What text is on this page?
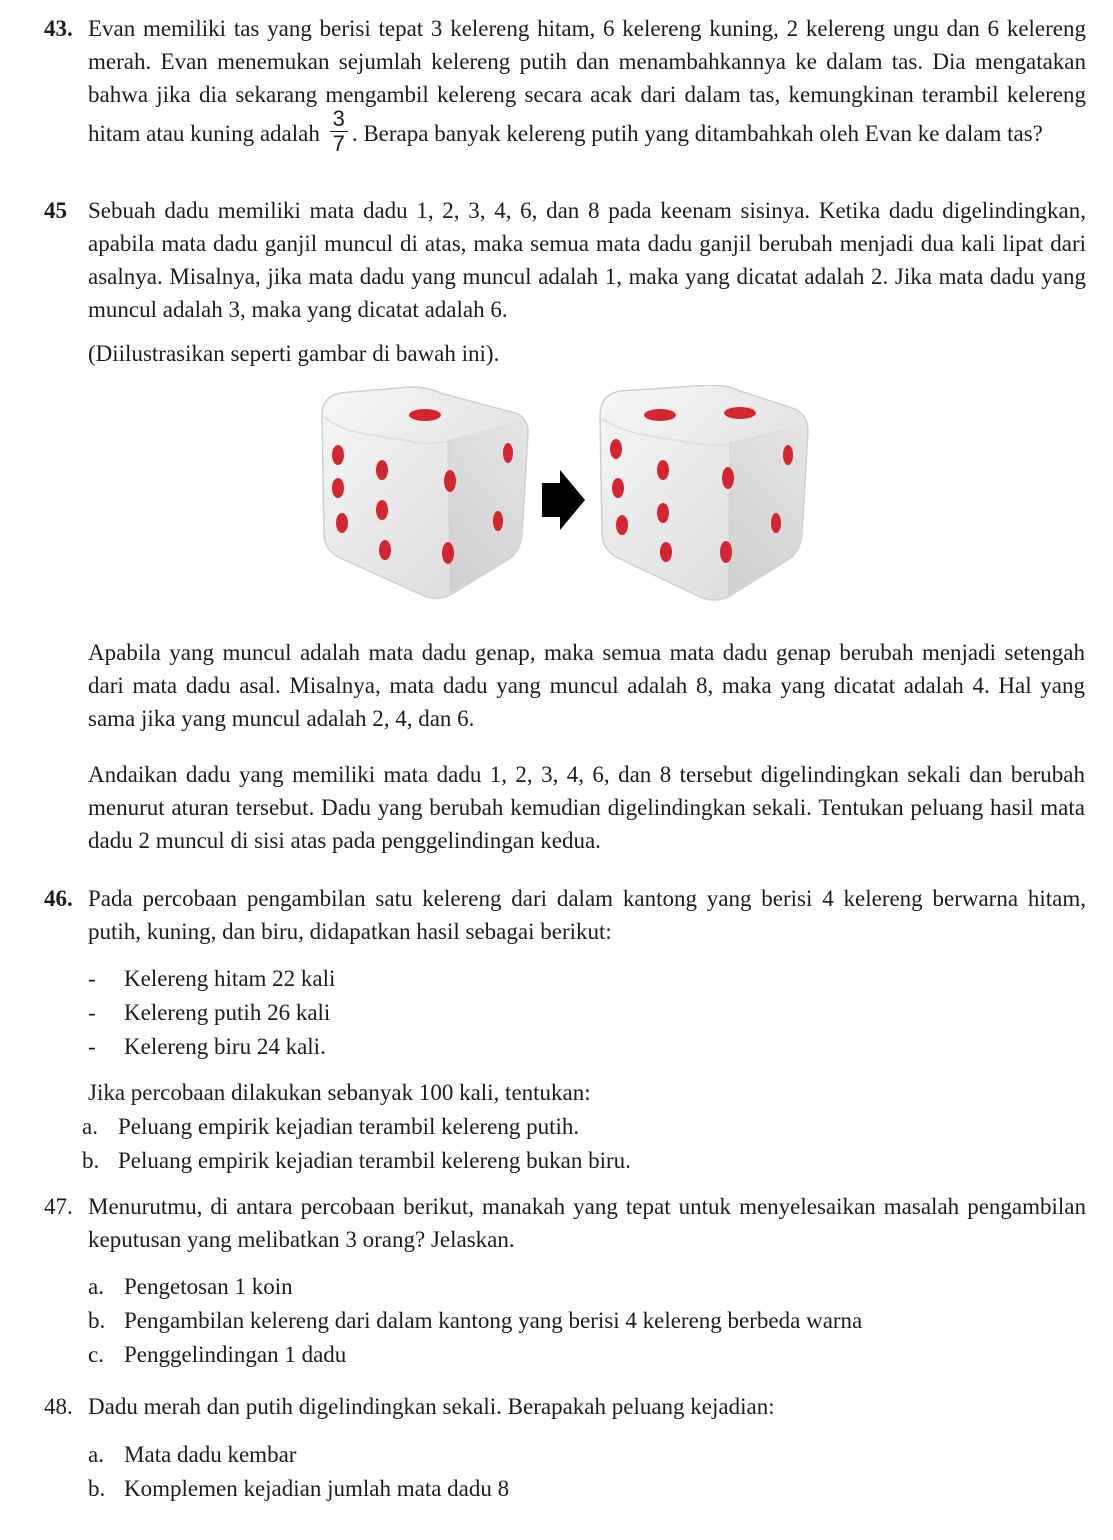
43. Evan memiliki tas yang berisi tepat 3 kelereng hitam, 6 kelereng kuning, 2 kelereng ungu dan 6 kelereng merah. Evan menemukan sejumlah kelereng putih dan menambahkannya ke dalam tas. Dia mengatakan bahwa jika dia sekarang mengambil kelereng secara acak dari dalam tas, kemungkinan terambil kelereng hitam atau kuning adalah $\frac{3}{7}$ . Berapa banyak kelereng putih yang ditambahkah oleh Evan ke dalam tas?
45 Sebuah dadu memiliki mata dadu 1, 2, 3, 4, 6, dan 8 pada keenam sisinya. Ketika dadu digelindingkan, apabila mata dadu ganjil muncul di atas, maka semua mata dadu ganjil berubah menjadi dua kali lipat dari asalnya. Misalnya, jika mata dadu yang muncul adalah 1, maka yang dicatat adalah 2. Jika mata dadu yang muncul adalah 3, maka yang dicatat adalah 6.
(Diilustrasikan seperti gambar di bawah ini).
Apabila yang muncul adalah mata dadu genap, maka semua mata dadu genap berubah menjadi setengah dari mata dadu asal. Misalnya, mata dadu yang muncul adalah 8, maka yang dicatat adalah 4. Hal yang sama jika yang muncul adalah 2, 4, dan 6.
Andaikan dadu yang memiliki mata dadu 1, 2, 3, 4, 6, dan 8 tersebut digelindingkan sekali dan berubah menurut aturan tersebut. Dadu yang berubah kemudian digelindingkan sekali. Tentukan peluang hasil mata dadu 2 muncul di sisi atas pada penggelindingan kedua.
46. Pada percobaan pengambilan satu kelereng dari dalam kantong yang berisi 4 kelereng berwarna hitam, putih, kuning, dan biru, didapatkan hasil sebagai berikut:
- Kelereng hitam 22 kali
- Kelereng putih 26 kali
- Kelereng biru 24 kali.
Jika percobaan dilakukan sebanyak 100 kali, tentukan:
a. Peluang empirik kejadian terambil kelereng putih.
b. Peluang empirik kejadian terambil kelereng bukan biru.
47. Menurutmu, di antara percobaan berikut, manakah yang tepat untuk menyelesaikan masalah pengambilan keputusan yang melibatkan 3 orang? Jelaskan.
a. Pengetosan 1 koin
b. Pengambilan kelereng dari dalam kantong yang berisi 4 kelereng berbeda warna
c. Penggelindingan 1 dadu
48. Dadu merah dan putih digelindingkan sekali. Berapakah peluang kejadian:
a. Mata dadu kembar
b. Komplemen kejadian jumlah mata dadu 8
